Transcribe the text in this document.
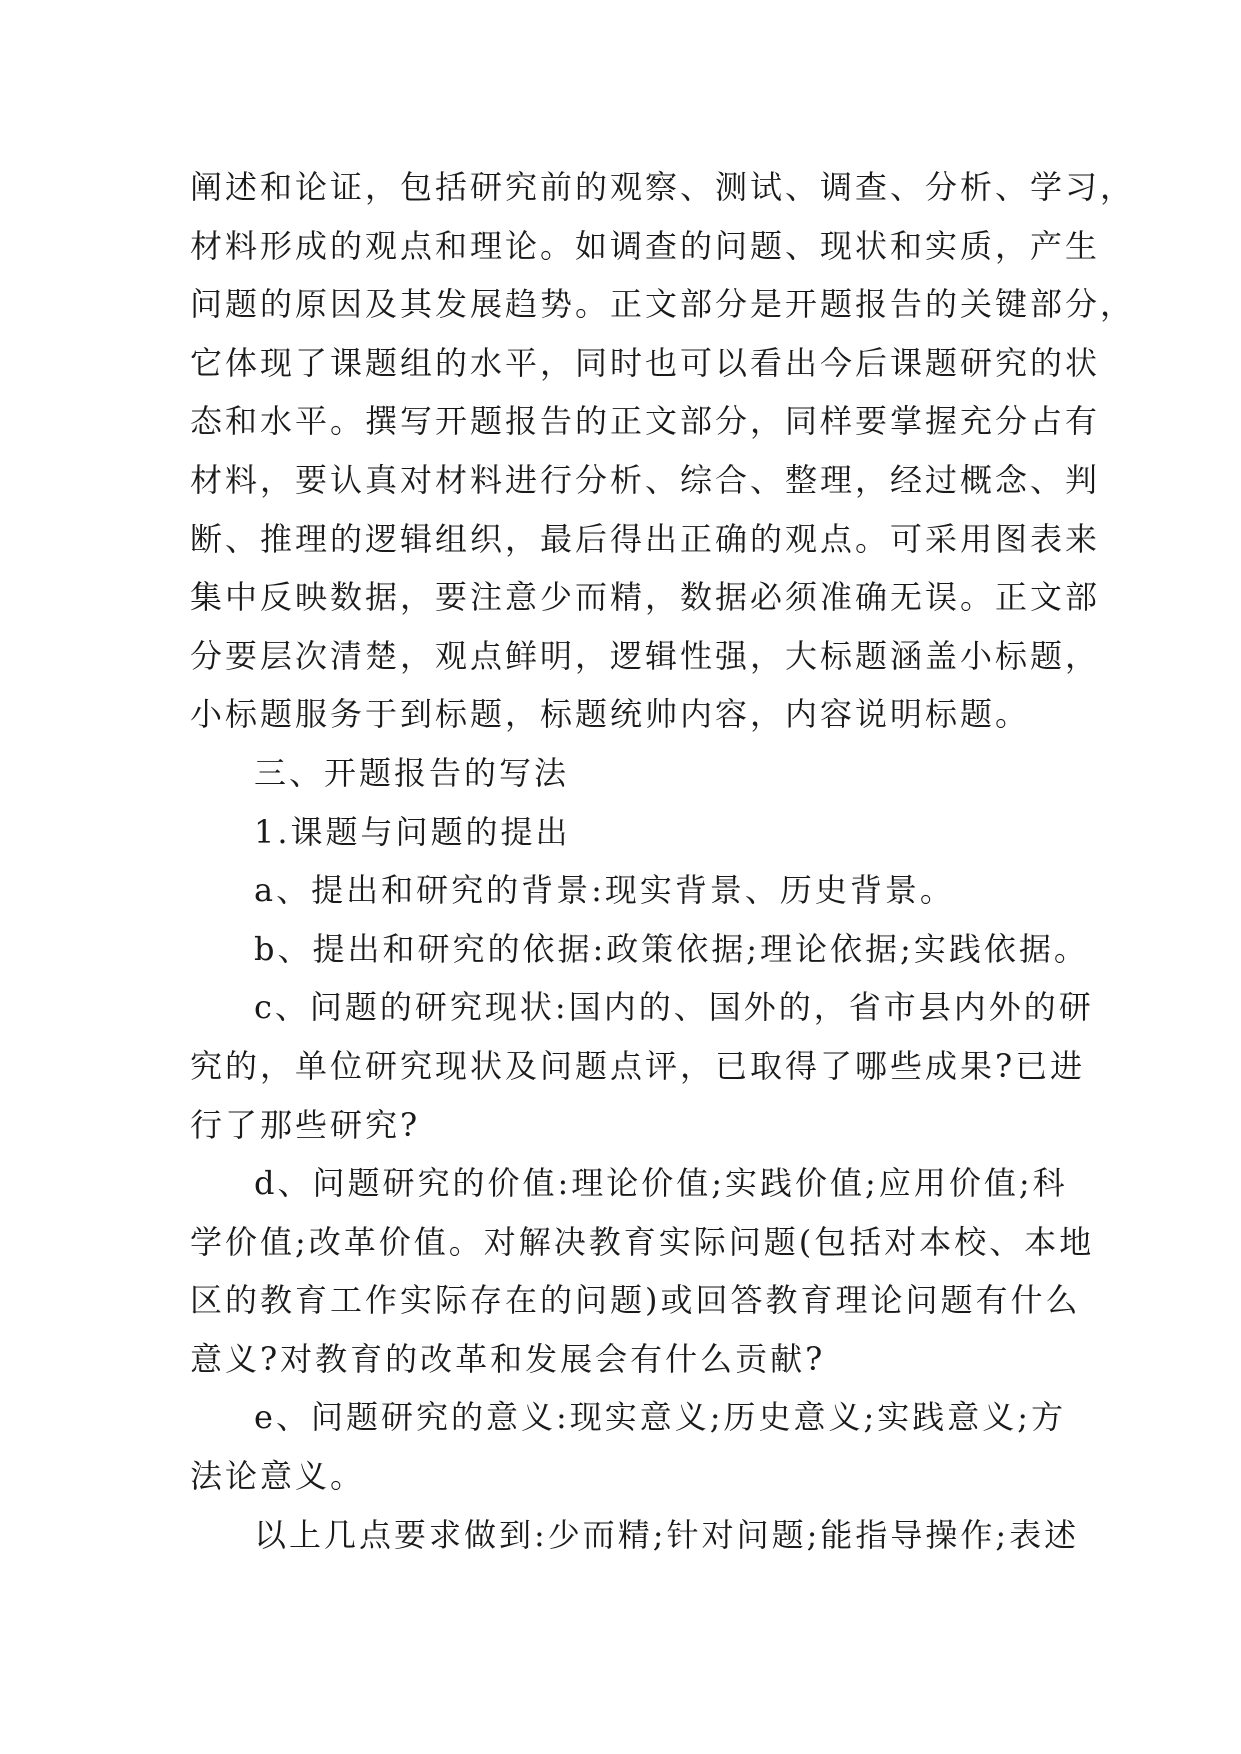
阐述和论证，包括研究前的观察、测试、调查、分析、学习，

材料形成的观点和理论。如调查的问题、现状和实质，产生

问题的原因及其发展趋势。正文部分是开题报告的关键部分，

它体现了课题组的水平，同时也可以看出今后课题研究的状

态和水平。撰写开题报告的正文部分，同样要掌握充分占有

材料，要认真对材料进行分析、综合、整理，经过概念、判

断、推理的逻辑组织，最后得出正确的观点。可采用图表来

集中反映数据，要注意少而精，数据必须准确无误。正文部

分要层次清楚，观点鲜明，逻辑性强，大标题涵盖小标题，

小标题服务于到标题，标题统帅内容，内容说明标题。

三、开题报告的写法

1.课题与问题的提出

a、提出和研究的背景:现实背景、历史背景。

b、提出和研究的依据:政策依据;理论依据;实践依据。

c、问题的研究现状:国内的、国外的，省市县内外的研

究的，单位研究现状及问题点评，已取得了哪些成果?已进

行了那些研究?

d、问题研究的价值:理论价值;实践价值;应用价值;科

学价值;改革价值。对解决教育实际问题(包括对本校、本地

区的教育工作实际存在的问题)或回答教育理论问题有什么

意义?对教育的改革和发展会有什么贡献?

e、问题研究的意义:现实意义;历史意义;实践意义;方

法论意义。

以上几点要求做到:少而精;针对问题;能指导操作;表述
